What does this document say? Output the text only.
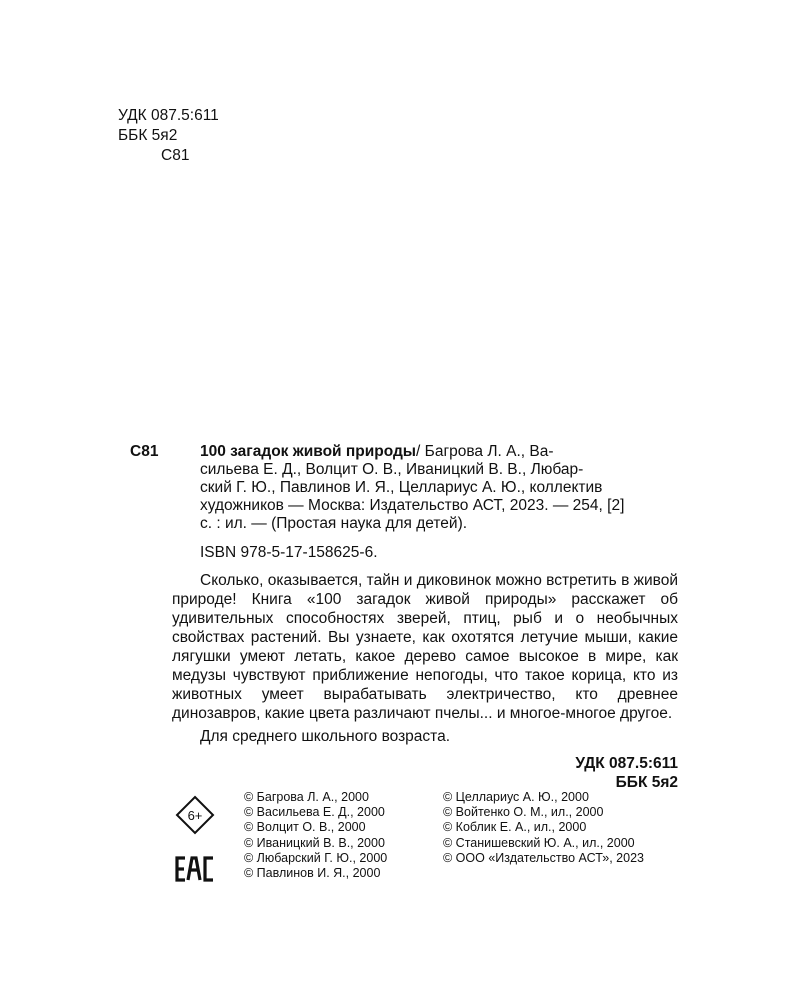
УДК 087.5:611
ББК 5я2
С81
С81	100 загадок живой природы/ Багрова Л. А., Ва-
сильева Е. Д., Волцит О. В., Иваницкий В. В., Любар-
ский Г. Ю., Павлинов И. Я., Целлариус А. Ю., коллектив
художников — Москва: Издательство АСТ, 2023. — 254, [2]
с. : ил. — (Простая наука для детей).
ISBN 978-5-17-158625-6.
Сколько, оказывается, тайн и диковинок можно встретить в живой природе! Книга «100 загадок живой природы» расскажет об удивительных способностях зверей, птиц, рыб и о необычных свойствах растений. Вы узнаете, как охотятся летучие мыши, какие лягушки умеют летать, какое дерево самое высокое в мире, как медузы чувствуют приближение непогоды, что такое корица, кто из животных умеет вырабатывать электричество, кто древнее динозавров, какие цвета различают пчелы... и многое-многое другое.
Для среднего школьного возраста.
УДК 087.5:611
ББК 5я2
6+

© Багрова Л. А., 2000
© Васильева Е. Д., 2000
© Волцит О. В., 2000
© Иваницкий В. В., 2000
© Любарский Г. Ю., 2000
© Павлинов И. Я., 2000
© Целлариус А. Ю., 2000
© Войтенко О. М., ил., 2000
© Коблик Е. А., ил., 2000
© Станишевский Ю. А., ил., 2000
© ООО «Издательство АСТ», 2023
